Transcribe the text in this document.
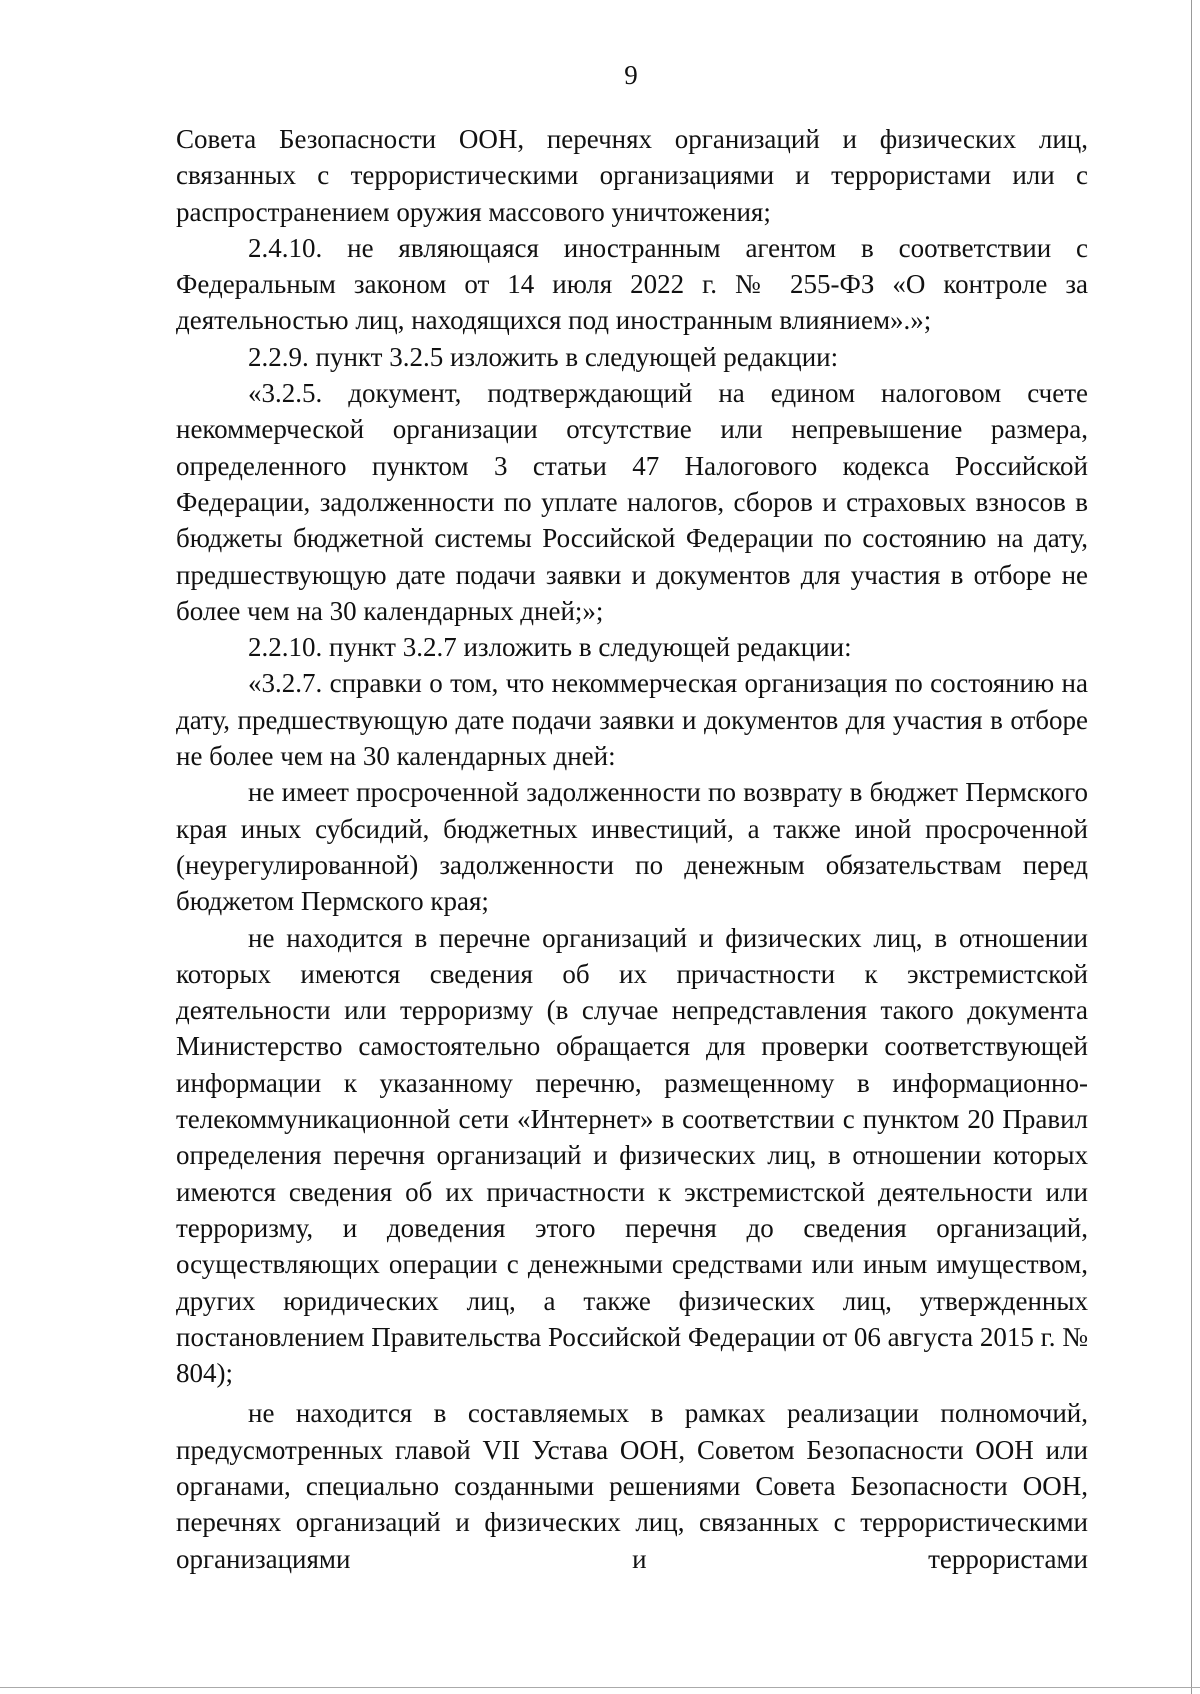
9

Совета Безопасности ООН, перечнях организаций и физических лиц, связанных с террористическими организациями и террористами или с распространением оружия массового уничтожения;

2.4.10. не являющаяся иностранным агентом в соответствии с Федеральным законом от 14 июля 2022 г. № 255-ФЗ «О контроле за деятельностью лиц, находящихся под иностранным влиянием».»;

2.2.9. пункт 3.2.5 изложить в следующей редакции:

«3.2.5. документ, подтверждающий на едином налоговом счете некоммерческой организации отсутствие или непревышение размера, определенного пунктом 3 статьи 47 Налогового кодекса Российской Федерации, задолженности по уплате налогов, сборов и страховых взносов в бюджеты бюджетной системы Российской Федерации по состоянию на дату, предшествующую дате подачи заявки и документов для участия в отборе не более чем на 30 календарных дней;»;

2.2.10. пункт 3.2.7 изложить в следующей редакции:

«3.2.7. справки о том, что некоммерческая организация по состоянию на дату, предшествующую дате подачи заявки и документов для участия в отборе не более чем на 30 календарных дней:

не имеет просроченной задолженности по возврату в бюджет Пермского края иных субсидий, бюджетных инвестиций, а также иной просроченной (неурегулированной) задолженности по денежным обязательствам перед бюджетом Пермского края;

не находится в перечне организаций и физических лиц, в отношении которых имеются сведения об их причастности к экстремистской деятельности или терроризму (в случае непредставления такого документа Министерство самостоятельно обращается для проверки соответствующей информации к указанному перечню, размещенному в информационно-телекоммуникационной сети «Интернет» в соответствии с пунктом 20 Правил определения перечня организаций и физических лиц, в отношении которых имеются сведения об их причастности к экстремистской деятельности или терроризму, и доведения этого перечня до сведения организаций, осуществляющих операции с денежными средствами или иным имуществом, других юридических лиц, а также физических лиц, утвержденных постановлением Правительства Российской Федерации от 06 августа 2015 г. № 804);

не находится в составляемых в рамках реализации полномочий, предусмотренных главой VII Устава ООН, Советом Безопасности ООН или органами, специально созданными решениями Совета Безопасности ООН, перечнях организаций и физических лиц, связанных с террористическими организациями и террористами
